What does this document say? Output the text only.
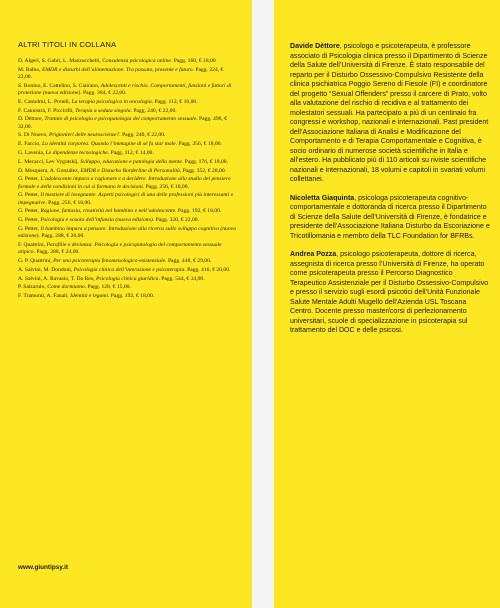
ALTRI TITOLI IN COLLANA

D. Algeri, S. Gabri, L. Mazzucchelli, Consulenza psicologica online. Pagg. 160, € 18,00

M. Balbo, EMDR e disturbi dell’alimentazione. Tra passato, presente e futuro. Pagg. 224, € 22,00.

S. Bonino, E. Cattelino, S. Ciairano, Adolescenti e rischio. Comportamenti, funzioni e fattori di protezione (nuova edizione). Pagg. 384, € 22,00.

E. Camolmi, L. Prendi, La terapia psicologica in oncologia. Pagg. 112, € 16,00.

F. Cannistrà, F. Piccirilli, Terapia a seduta singola. Pagg. 240, € 22,00.

D. Dèttore, Trattato di psicologia e psicopatologia del comportamento sessuale. Pagg. 496, € 32,00.

S. Di Nuovo, Prigionieri delle neuroscienze?. Pagg. 240, € 22,00.

E. Faccio, La identità corporea. Quando l’immagine di sé fa star male. Pagg. 256, € 18,00.

G. Lavenia, Le dipendenze tecnologiche. Pagg. 112, € 14,00.

L. Mecacci, Lev Vygotskij. Sviluppo, educazione e patologia della mente. Pagg. 176, € 18,00.

D. Mosquera, A. González, EMDR e Disturbo Borderline di Personalità. Pagg. 352, € 28,00.

G. Petter, L’adolescente impara a ragionare e a decidere. Introduzione allo studio del pensiero formale e delle condizioni in cui si formano le decisioni. Pagg. 256, € 18,00.

G. Petter, Il mestiere di insegnante. Aspetti psicologici di una delle professioni più interessanti e impegnative. Pagg. 256, € 18,00.

G. Petter, Ragione, fantasia, creatività nel bambino e nell’adolescente. Pagg. 192, € 18,00.

G. Petter, Psicologia e scuola dell’infanzia (nuova edizione). Pagg. 320, € 22,00.

G. Petter, Il bambino impara a pensare. Introduzione alla ricerca sullo sviluppo cognitivo (nuova edizione). Pagg. 288, € 26,00.

F. Quattrini, Parafilie e devianza. Psicologia e psicopatologia del comportamento sessuale atipico. Pagg. 288, € 24,00.

G. P. Quattrini, Per una psicoterapia fenomenologico-esistenziale. Pagg. 448, € 29,00.

A. Salvini, M. Dondoni, Psicologia clinica dell’interazione e psicoterapia. Pagg. 416, € 20,00.

A. Salvini, A. Ravasio, T. Da Ros, Psicologia clinica giuridica. Pagg. 544, € 34,00.

P. Salzarulo, Come dormiamo. Pagg. 128, € 15,00.

F. Tramonti, A. Fanali, Identità e legami. Pagg. 192, € 18,00.

www.giuntipsy.it

Davide Dèttore, psicologo e psicoterapeuta, è professore associato di Psicologia clinica presso il Dipartimento di Scienze della Salute dell’Università di Firenze. È stato responsabile del reparto per il Disturbo Ossessivo-Compulsivo Resistente della clinica psichiatrica Poggio Sereno di Fiesole (FI) e coordinatore del progetto “Sexual Offenders” presso il carcere di Prato, volto alla valutazione del rischio di recidiva e al trattamento dei molestatori sessuali. Ha partecipato a più di un centinaio fra congressi e workshop, nazionali e internazionali. Past president dell’Associazione Italiana di Analisi e Modificazione del Comportamento e di Terapia Comportamentale e Cognitiva, è socio ordinario di numerose società scientifiche in Italia e all’estero. Ha pubblicato più di 110 articoli su riviste scientifiche nazionali e internazionali, 18 volumi e capitoli in svariati volumi collettanei.

Nicoletta Giaquinta, psicologa psicoterapeuta cognitivo-comportamentale e dottoranda di ricerca presso il Dipartimento di Scienze della Salute dell’Università di Firenze, è fondatrice e presidente dell’Associazione Italiana Disturbo da Escoriazione e Tricotillomania e membro della TLC Foundation for BFRBs.

Andrea Pozza, psicologo psicoterapeuta, dottore di ricerca, assegnista di ricerca presso l’Università di Firenze, ha operato come psicoterapeuta presso il Percorso Diagnostico Terapeutico Assistenziale per il Disturbo Ossessivo-Compulsivo e presso il servizio sugli esordi psicotici dell’Unità Funzionale Salute Mentale Adulti Mugello dell’Azienda USL Toscana Centro. Docente presso master/corsi di perfezionamento universitari, scuole di specializzazione in psicoterapia sul trattamento del DOC e delle psicosi.
